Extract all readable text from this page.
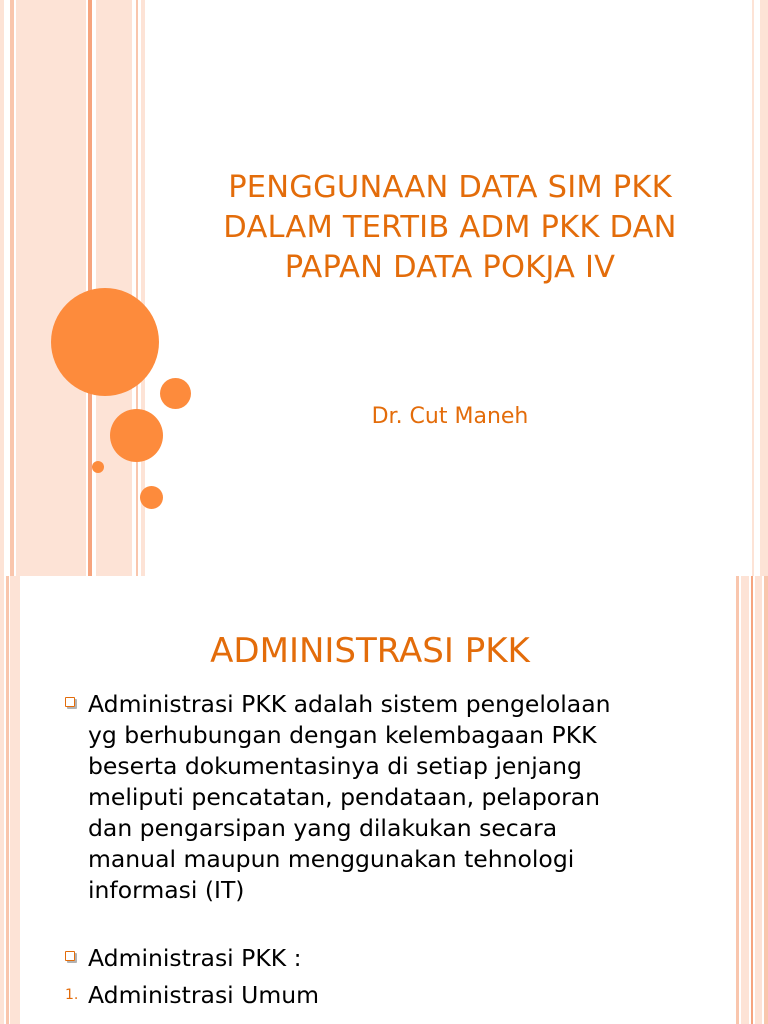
PENGGUNAAN DATA SIM PKK
DALAM TERTIB ADM PKK DAN
PAPAN DATA POKJA IV
Dr. Cut Maneh
ADMINISTRASI PKK
Administrasi PKK adalah sistem pengelolaan
yg berhubungan dengan kelembagaan PKK
beserta dokumentasinya di setiap jenjang
meliputi pencatatan, pendataan, pelaporan
dan pengarsipan yang dilakukan secara
manual maupun menggunakan tehnologi
informasi (IT)
Administrasi PKK :
1. Administrasi Umum
